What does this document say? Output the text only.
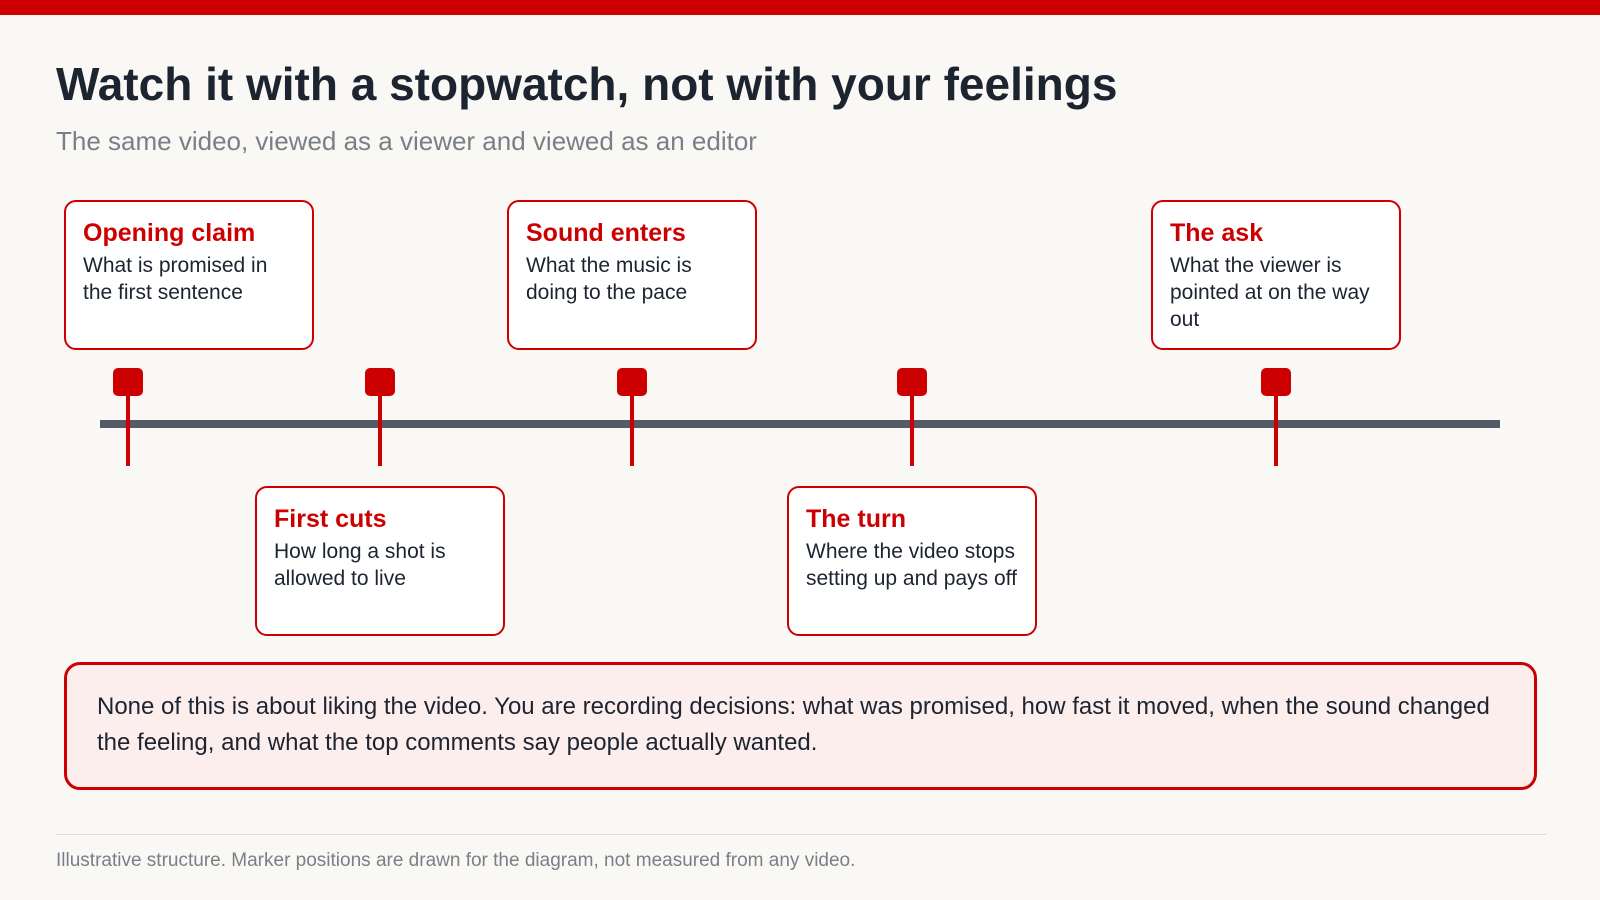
Watch it with a stopwatch, not with your feelings

The same video, viewed as a viewer and viewed as an editor

Opening claim
What is promised in the first sentence
First cuts
How long a shot is allowed to live
Sound enters
What the music is doing to the pace
The turn
Where the video stops setting up and pays off
The ask
What the viewer is pointed at on the way out
None of this is about liking the video. You are recording decisions: what was promised, how fast it moved, when the sound changed the feeling, and what the top comments say people actually wanted.
Illustrative structure. Marker positions are drawn for the diagram, not measured from any video.
